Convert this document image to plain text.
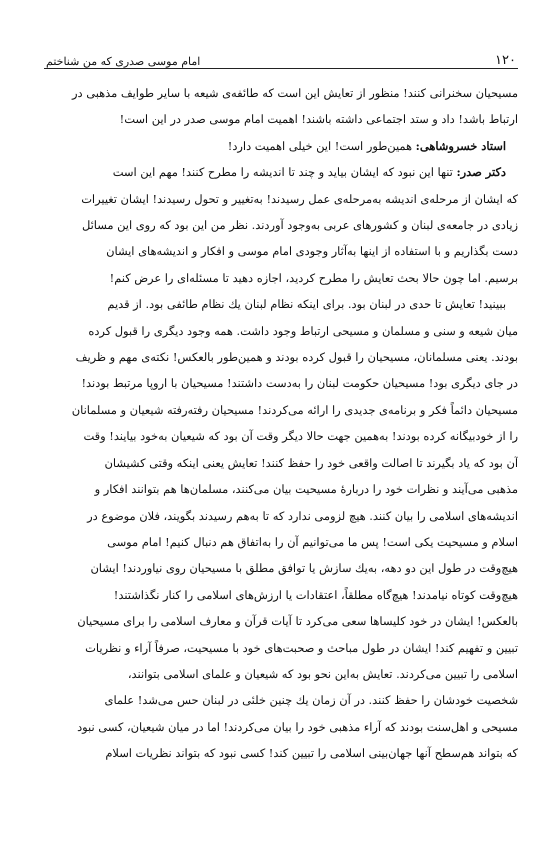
۱۲۰
امام موسی صدری که من شناختم

مسیحیان سخنرانی کنند! منظور از تعایش این است که طائفه‌ی شیعه با سایر طوایف مذهبی در
ارتباط باشد! داد و ستد اجتماعی داشته باشند! اهمیت امام موسی صدر در این است!

استاد خسروشاهی: همین‌طور است! این خیلی اهمیت دارد!

دکتر صدر: تنها این نبود که ایشان بیاید و چند تا اندیشه را مطرح کنند! مهم این است
که ایشان از مرحله‌ی اندیشه به‌مرحله‌ی عمل رسیدند! به‌تغییر و تحول رسیدند! ایشان تغییرات
زیادی در جامعه‌ی لبنان و کشورهای عربی به‌وجود آوردند. نظر من این بود که روی این مسائل
دست بگذاریم و با استفاده از اینها به‌آثار وجودی امام موسی و افکار و اندیشه‌های ایشان
برسیم. اما چون حالا بحث تعایش را مطرح کردید، اجازه دهید تا مسئله‌ای را عرض کنم!

ببینید! تعایش تا حدی در لبنان بود. برای اینکه نظام لبنان یك نظام طائفی بود. از قدیم
میان شیعه و سنی و مسلمان و مسیحی ارتباط وجود داشت. همه وجود دیگری را قبول کرده
بودند. یعنی مسلمانان، مسیحیان را قبول کرده بودند و همین‌طور بالعکس! نکته‌ی مهم و ظریف
در جای دیگری بود! مسیحیان حکومت لبنان را به‌دست داشتند! مسیحیان با اروپا مرتبط بودند!
مسیحیان دائماً فکر و برنامه‌ی جدیدی را ارائه می‌کردند! مسیحیان رفته‌رفته شیعیان و مسلمانان
را از خودبیگانه کرده بودند! به‌همین جهت حالا دیگر وقت آن بود که شیعیان به‌خود بیایند! وقت
آن بود که یاد بگیرند تا اصالت واقعی خود را حفظ کنند! تعایش یعنی اینکه وقتی کشیشان
مذهبی می‌آیند و نظرات خود را دربارهٔ مسیحیت بیان می‌کنند، مسلمان‌ها هم بتوانند افکار و
اندیشه‌های اسلامی را بیان کنند. هیچ لزومی ندارد که تا به‌هم رسیدند بگویند، فلان موضوع در
اسلام و مسیحیت یکی است! پس ما می‌توانیم آن را به‌اتفاق هم دنبال کنیم! امام موسی
هیچ‌وقت در طول این دو دهه، به‌یك سازش یا توافق مطلق با مسیحیان روی نیاوردند! ایشان
هیچ‌وقت کوتاه نیامدند! هیچ‌گاه مطلقاً، اعتقادات یا ارزش‌های اسلامی را کنار نگذاشتند!
بالعکس! ایشان در خود کلیساها سعی می‌کرد تا آیات قرآن و معارف اسلامی را برای مسیحیان
تبیین و تفهیم کند! ایشان در طول مباحث و صحبت‌های خود با مسیحیت، صرفاً آراء و نظریات
اسلامی را تبیین می‌کردند. تعایش به‌این نحو بود که شیعیان و علمای اسلامی بتوانند،
شخصیت خودشان را حفظ کنند. در آن زمان یك چنین خلئی در لبنان حس می‌شد! علمای
مسیحی و اهل‌سنت بودند که آراء مذهبی خود را بیان می‌کردند! اما در میان شیعیان، کسی نبود
که بتواند هم‌سطح آنها جهان‌بینی اسلامی را تبیین کند! کسی نبود که بتواند نظریات اسلام
